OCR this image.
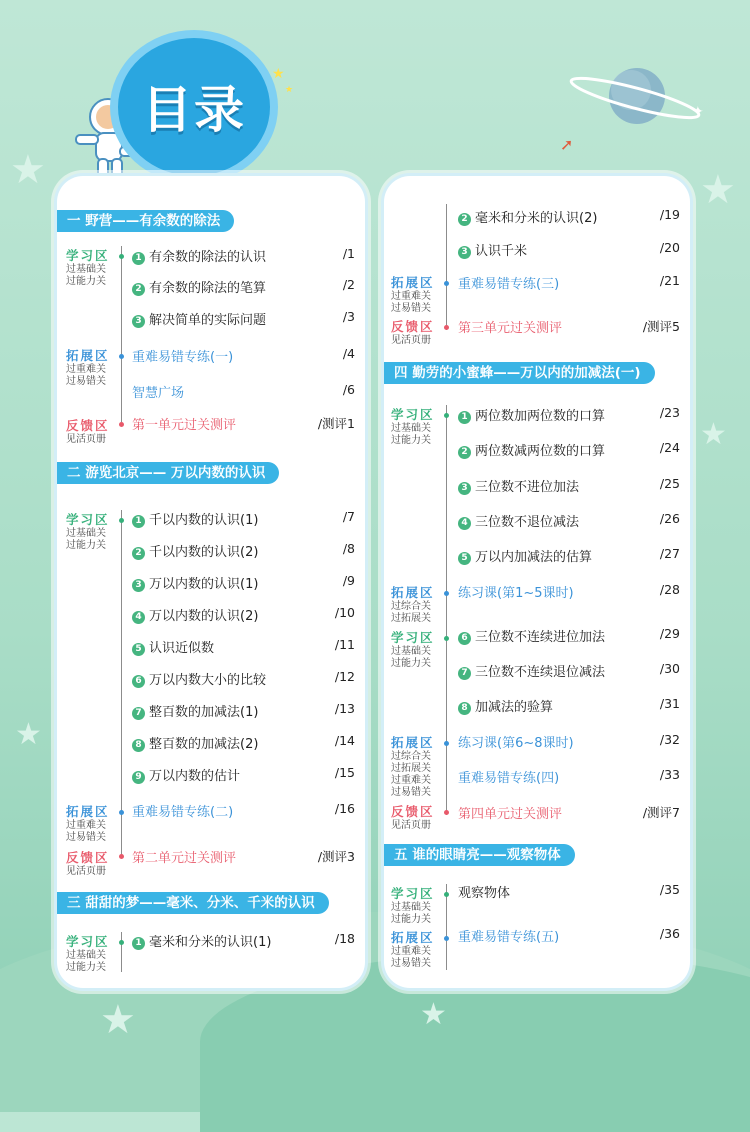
★	★
★
★
★	★
★
★
✦
➚
目录
一 野营——有余数的除法
二 游览北京—— 万以内数的认识
三 甜甜的梦——毫米、分米、千米的认识
学习区
过基础关
过能力关
拓展区
过重难关
过易错关
反馈区
见活页册
学习区
过基础关
过能力关
拓展区
过重难关
过易错关
反馈区
见活页册
学习区
过基础关
过能力关
1 有余数的除法的认识	/1
2 有余数的除法的笔算	/2
3 解决简单的实际问题	/3
重难易错专练(一)	/4
智慧广场	/6
第一单元过关测评	/测评1
1 千以内数的认识(1)	/7
2 千以内数的认识(2)	/8
3 万以内数的认识(1)	/9
4 万以内数的认识(2)	/10
5 认识近似数	/11
6 万以内数大小的比较	/12
7 整百数的加减法(1)	/13
8 整百数的加减法(2)	/14
9 万以内数的估计	/15
重难易错专练(二)	/16
第二单元过关测评	/测评3
1 毫米和分米的认识(1)	/18
四 勤劳的小蜜蜂——万以内的加减法(一)
五 谁的眼睛亮——观察物体
拓展区
过重难关
过易错关
反馈区
见活页册
学习区
过基础关
过能力关
拓展区
过综合关
过拓展关
学习区
过基础关
过能力关
拓展区
过综合关
过拓展关
过重难关
过易错关
反馈区
见活页册
学习区
过基础关
过能力关
拓展区
过重难关
过易错关
2 毫米和分米的认识(2)	/19
3 认识千米	/20
重难易错专练(三)	/21
第三单元过关测评	/测评5
1 两位数加两位数的口算	/23
2 两位数减两位数的口算	/24
3 三位数不进位加法	/25
4 三位数不退位减法	/26
5 万以内加减法的估算	/27
练习课(第1~5课时)	/28
6 三位数不连续进位加法	/29
7 三位数不连续退位减法	/30
8 加减法的验算	/31
练习课(第6~8课时)	/32
重难易错专练(四)	/33
第四单元过关测评	/测评7
观察物体	/35
重难易错专练(五)	/36
